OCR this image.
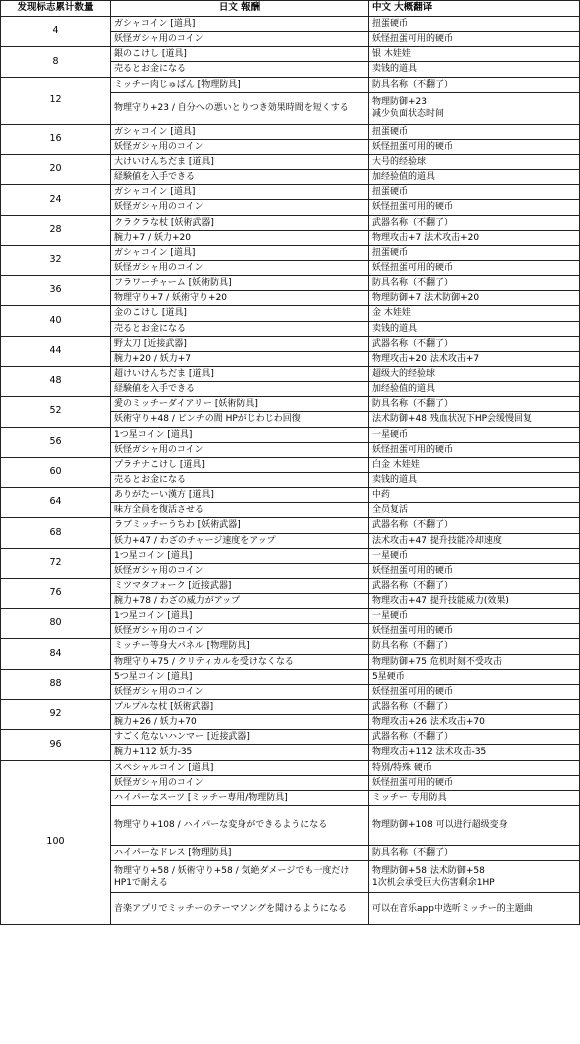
发现标志累计数量	日文 報酬	中文 大概翻译
4	ガシャコイン [道具]	扭蛋硬币
	妖怪ガシャ用のコイン	妖怪扭蛋可用的硬币
8	銀のこけし [道具]	银 木娃娃
	売るとお金になる	卖钱的道具
12	ミッチー肉じゅばん [物理防具]	防具名称（不翻了）
	物理守り+23 / 自分への悪いとりつき効果時間を短くする	物理防御+23
减少负面状态时间
16	ガシャコイン [道具]	扭蛋硬币
	妖怪ガシャ用のコイン	妖怪扭蛋可用的硬币
20	大けいけんちだま [道具]	大号的经验球
	経験値を入手できる	加经验值的道具
24	ガシャコイン [道具]	扭蛋硬币
	妖怪ガシャ用のコイン	妖怪扭蛋可用的硬币
28	クラクラな杖 [妖術武器]	武器名称（不翻了）
	腕力+7 / 妖力+20	物理攻击+7 法术攻击+20
32	ガシャコイン [道具]	扭蛋硬币
	妖怪ガシャ用のコイン	妖怪扭蛋可用的硬币
36	フラワーチャーム [妖術防具]	防具名称（不翻了）
	物理守り+7 / 妖術守り+20	物理防御+7 法术防御+20
40	金のこけし [道具]	金 木娃娃
	売るとお金になる	卖钱的道具
44	野太刀 [近接武器]	武器名称（不翻了）
	腕力+20 / 妖力+7	物理攻击+20 法术攻击+7
48	超けいけんちだま [道具]	超级大的经验球
	経験値を入手できる	加经验值的道具
52	愛のミッチーダイアリー [妖術防具]	防具名称（不翻了）
	妖術守り+48 / ピンチの間 HPがじわじわ回復	法术防御+48 残血状况下HP会缓慢回复
56	1つ星コイン [道具]	一星硬币
	妖怪ガシャ用のコイン	妖怪扭蛋可用的硬币
60	プラチナこけし [道具]	白金 木娃娃
	売るとお金になる	卖钱的道具
64	ありがたーい漢方 [道具]	中药
	味方全員を復活させる	全员复活
68	ラブミッチーうちわ [妖術武器]	武器名称（不翻了）
	妖力+47 / わざのチャージ速度をアップ	法术攻击+47 提升技能冷却速度
72	1つ星コイン [道具]	一星硬币
	妖怪ガシャ用のコイン	妖怪扭蛋可用的硬币
76	ミツマタフォーク [近接武器]	武器名称（不翻了）
	腕力+78 / わざの威力がアップ	物理攻击+47 提升技能威力(效果)
80	1つ星コイン [道具]	一星硬币
	妖怪ガシャ用のコイン	妖怪扭蛋可用的硬币
84	ミッチー等身大パネル [物理防具]	防具名称（不翻了）
	物理守り+75 / クリティカルを受けなくなる	物理防御+75 危机时刻不受攻击
88	5つ星コイン [道具]	5星硬币
	妖怪ガシャ用のコイン	妖怪扭蛋可用的硬币
92	プルプルな杖 [妖術武器]	武器名称（不翻了）
	腕力+26 / 妖力+70	物理攻击+26 法术攻击+70
96	すごく危ないハンマー [近接武器]	武器名称（不翻了）
	腕力+112 妖力-35	物理攻击+112 法术攻击-35
100	スペシャルコイン [道具]	特别/特殊 硬币
	妖怪ガシャ用のコイン	妖怪扭蛋可用的硬币
	ハイパーなスーツ [ミッチー専用/物理防具]	ミッチー 专用防具
	物理守り+108 / ハイパーな変身ができるようになる	物理防御+108 可以进行超级变身
	ハイパーなドレス [物理防具]	防具名称（不翻了）
	物理守り+58 / 妖術守り+58 / 気絶ダメージでも一度だけHP1で耐える	物理防御+58 法术防御+58
1次机会承受巨大伤害剩余1HP
	音楽アプリでミッチーのテーマソングを聞けるようになる	可以在音乐app中选听ミッチー的主题曲
